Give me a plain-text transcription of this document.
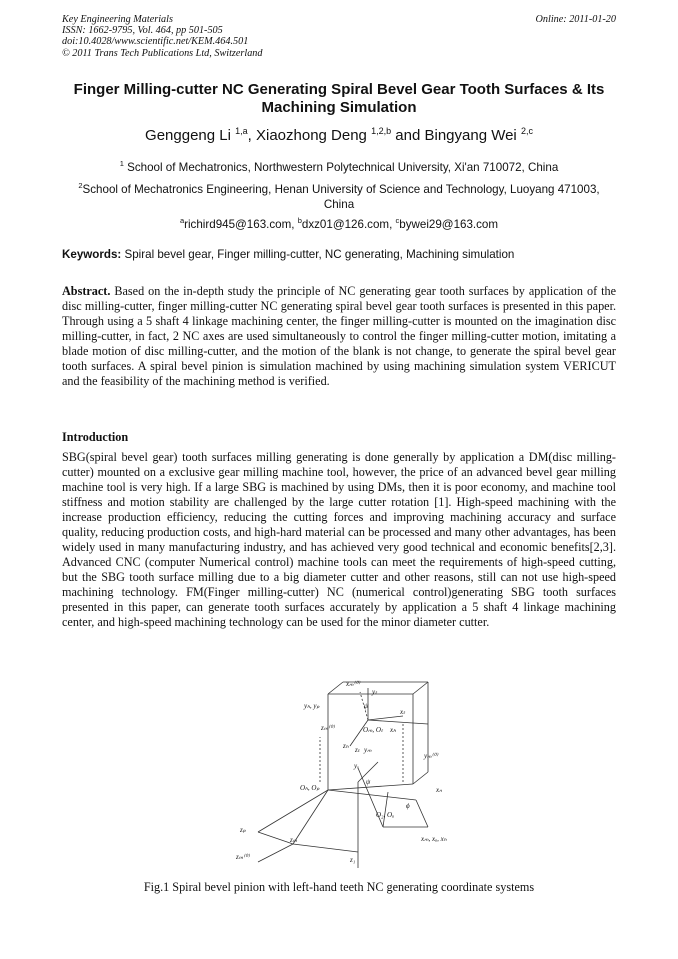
Key Engineering Materials
ISSN: 1662-9795, Vol. 464, pp 501-505
doi:10.4028/www.scientific.net/KEM.464.501
© 2011 Trans Tech Publications Ltd, Switzerland
Online: 2011-01-20
Finger Milling-cutter NC Generating Spiral Bevel Gear Tooth Surfaces & Its Machining Simulation
Genggeng Li $^{1,a}$, Xiaozhong Deng $^{1,2,b}$ and Bingyang Wei $^{2,c}$
$^1$ School of Mechatronics, Northwestern Polytechnical University, Xi'an 710072, China
$^2$School of Mechatronics Engineering, Henan University of Science and Technology, Luoyang 471003, China
$^a$richird945@163.com, $^b$dxz01@126.com, $^c$bywei29@163.com
Keywords: Spiral bevel gear, Finger milling-cutter, NC generating, Machining simulation
Abstract. Based on the in-depth study the principle of NC generating gear tooth surfaces by application of the disc milling-cutter, finger milling-cutter NC generating spiral bevel gear tooth surfaces is presented in this paper. Through using a 5 shaft 4 linkage machining center, the finger milling-cutter is mounted on the imagination disc milling-cutter, in fact, 2 NC axes are used simultaneously to control the finger milling-cutter motion, imitating a blade motion of disc milling-cutter, and the motion of the blank is not change, to generate the spiral bevel gear tooth surfaces. A spiral bevel pinion is simulation machined by using machining simulation system VERICUT and the feasibility of the machining method is verified.
Introduction
SBG(spiral bevel gear) tooth surfaces milling generating is done generally by application a DM(disc milling-cutter) mounted on a exclusive gear milling machine tool, however, the price of an advanced bevel gear milling machine tool is very high. If a large SBG is machined by using DMs, then it is poor economy, and machine tool stiffness and motion stability are challenged by the large cutter rotation [1]. High-speed machining with the increase production efficiency, reducing the cutting forces and improving machining accuracy and surface quality, reducing production costs, and high-hard material can be processed and many other advantages, has been widely used in many manufacturing industry, and has achieved very good technical and economic benefits[2,3]. Advanced CNC (computer Numerical control) machine tools can meet the requirements of high-speed cutting, but the SBG tooth surface milling due to a big diameter cutter and other reasons, still can not use high-speed machining technology. FM(Finger milling-cutter) NC (numerical control)generating SBG tooth surfaces presented in this paper, can generate tooth surfaces accurately by application a 5 shaft 4 linkage machining center, and high-speed machining technology can be used for the minor diameter cutter.
xₘ⁽⁰⁾
yₜ
xₜ
yₘ⁽⁰⁾
yₕ, yₚ
zₘ⁽⁰⁾
zₕ zₜ
Oₘ, Oₜ xₕ
ψ
yₘ
Oₕ, Oₚ
yᵥ
ψ
O₂, Oₐ
ϕ
xₙ
zₚ
zₘ
z₁
zₘ⁽⁰⁾
xₘ, xₐ, xₕ
Fig.1 Spiral bevel pinion with left-hand teeth NC generating coordinate systems
